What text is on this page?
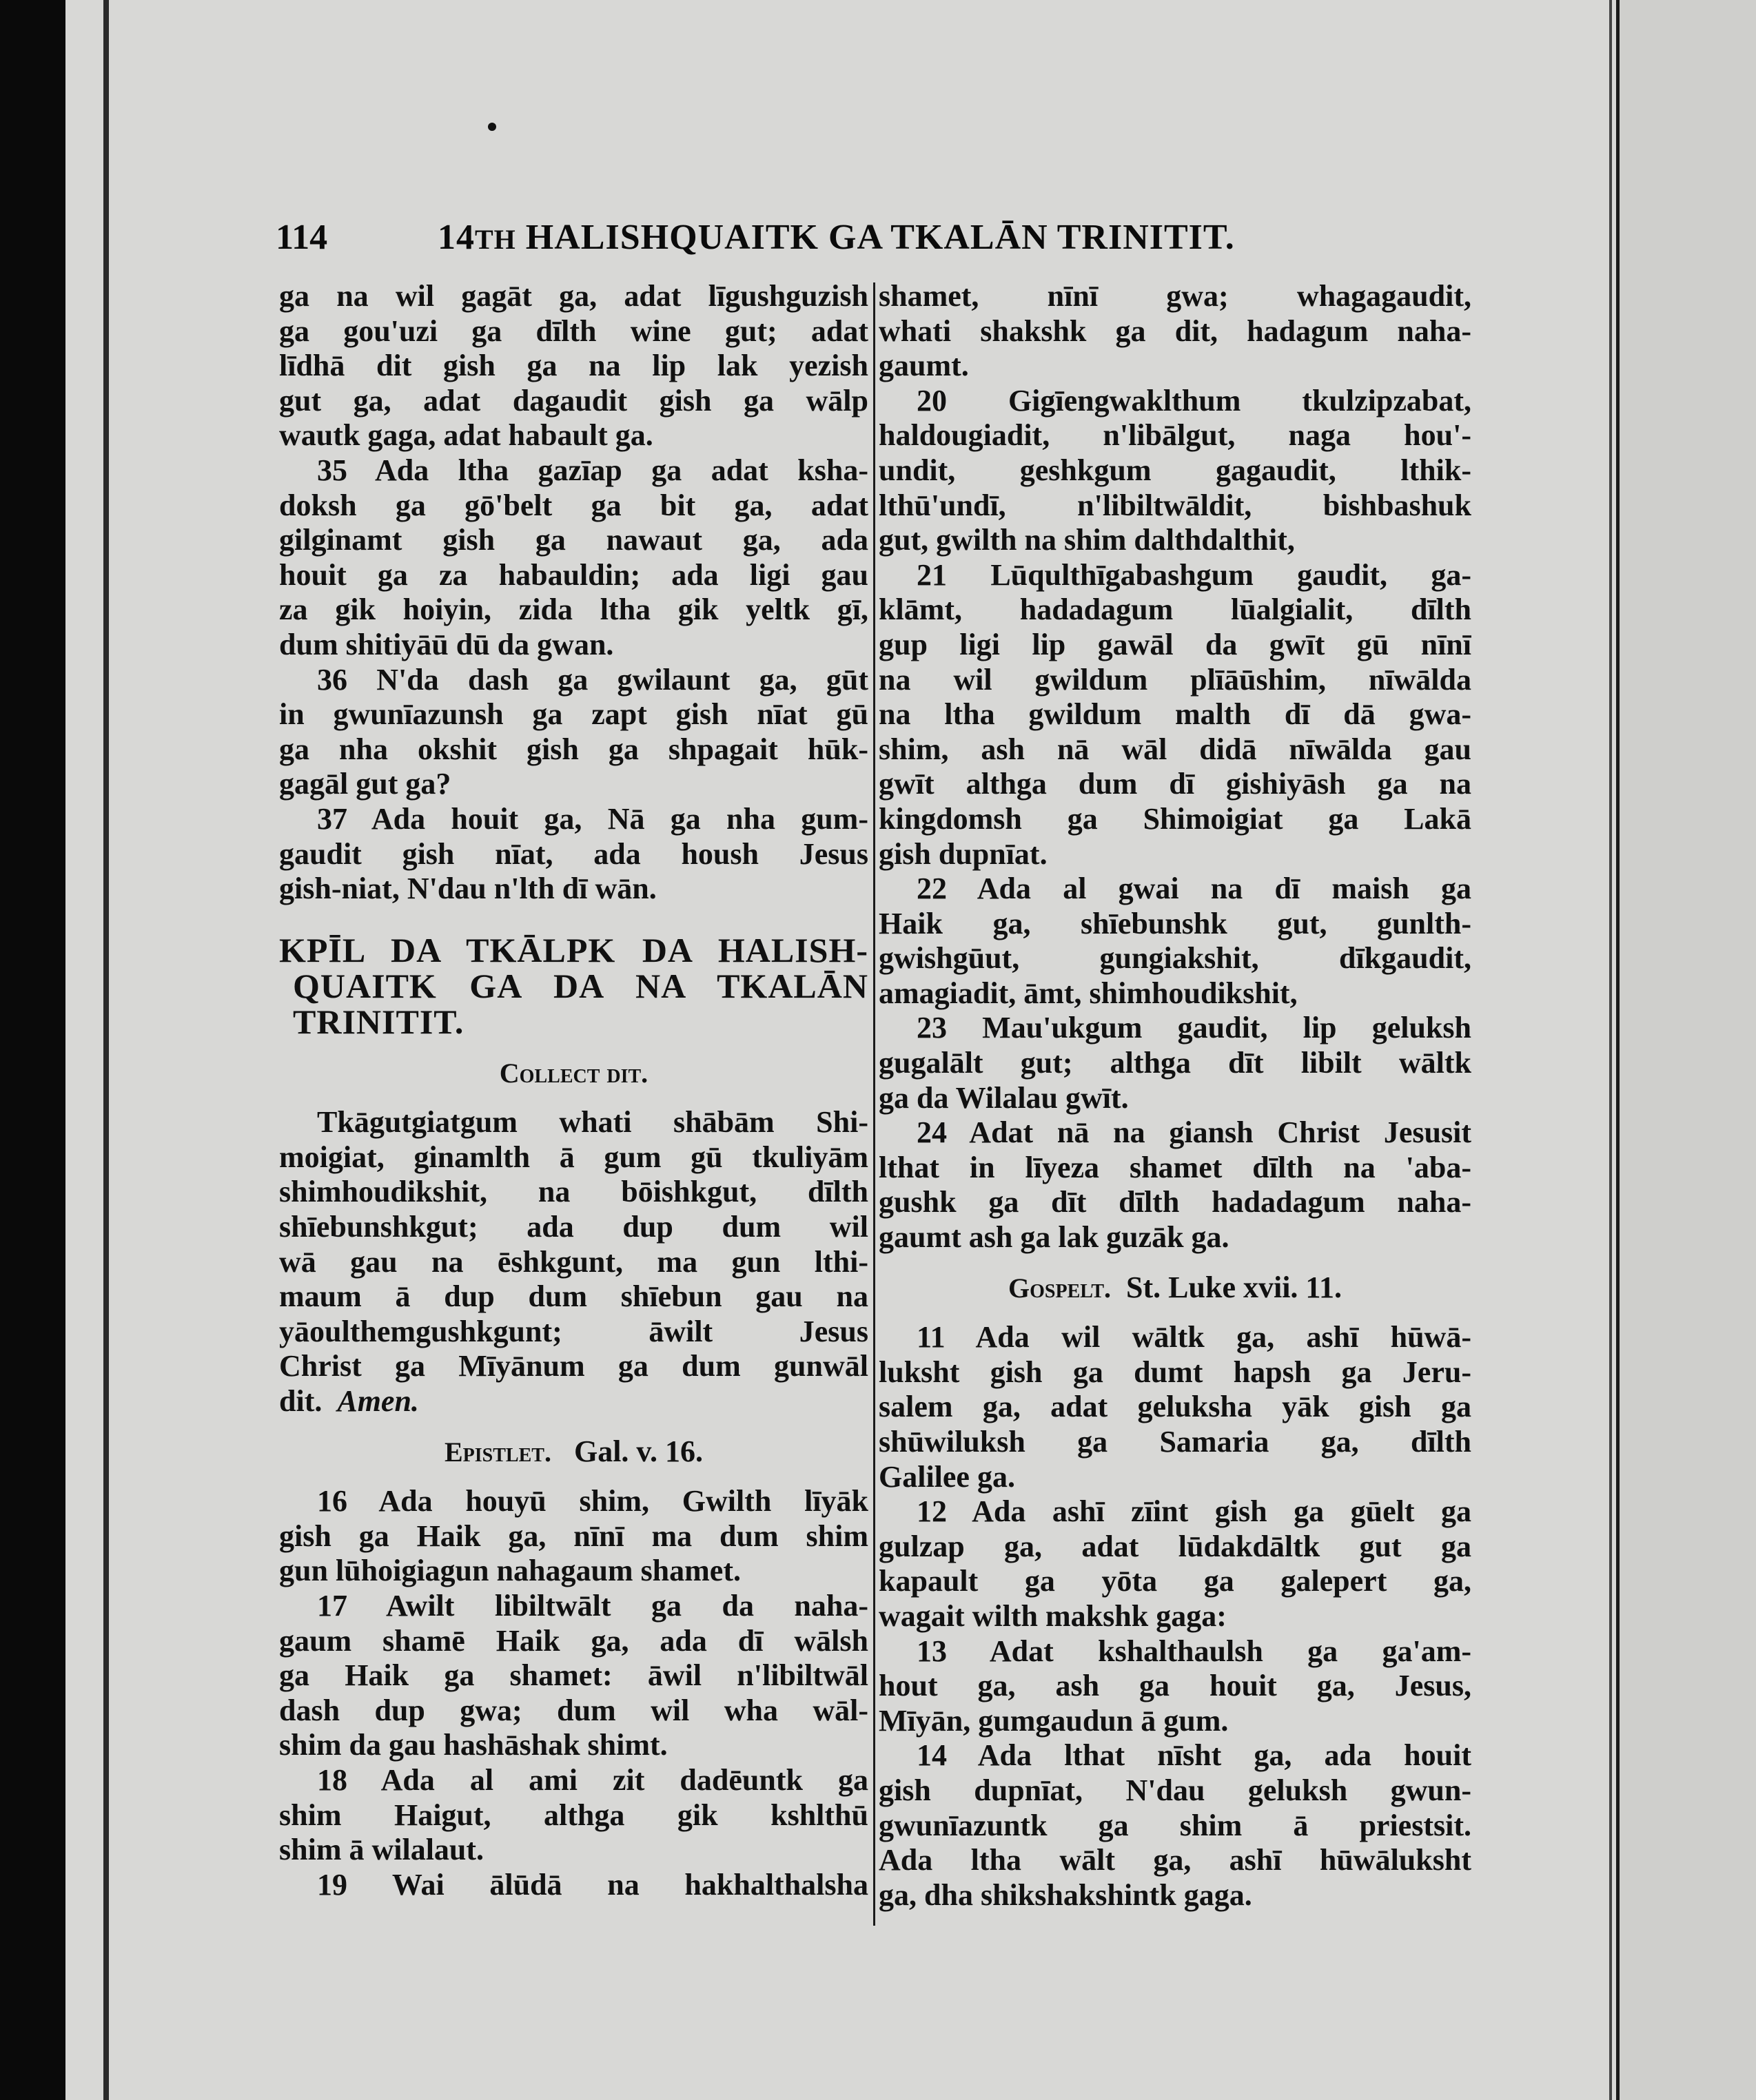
114	14TH HALISHQUAITK GA TKALĀN TRINITIT.
ga na wil gagāt ga, adat līgushguzish
ga gou'uzi ga dīlth wine gut; adat
līdhā dit gish ga na lip lak yezish
gut ga, adat dagaudit gish ga wālp
wautk gaga, adat habault ga.
35 Ada ltha gazīap ga adat ksha-
doksh ga gō'belt ga bit ga, adat
gilginamt gish ga nawaut ga, ada
houit ga za habauldin; ada ligi gau
za gik hoiyin, zida ltha gik yeltk gī,
dum shitiyāū dū da gwan.
36 N'da dash ga gwilaunt ga, gūt
in gwunīazunsh ga zapt gish nīat gū
ga nha okshit gish ga shpagait hūk-
gagāl gut ga?
37 Ada houit ga, Nā ga nha gum-
gaudit gish nīat, ada housh Jesus
gish-niat, N'dau n'lth dī wān.
KPĪL DA TKĀLPK DA HALISH-
QUAITK GA DA NA TKALĀN
TRINITIT.
Collect dit.
Tkāgutgiatgum whati shābām Shi-
moigiat, ginamlth ā gum gū tkuliyām
shimhoudikshit, na bōishkgut, dīlth
shīebunshkgut; ada dup dum wil
wā gau na ēshkgunt, ma gun lthi-
maum ā dup dum shīebun gau na
yāoulthemgushkgunt; āwilt Jesus
Christ ga Mīyānum ga dum gunwāl
dit. Amen.
Epistlet. Gal. v. 16.
16 Ada houyū shim, Gwilth līyāk
gish ga Haik ga, nīnī ma dum shim
gun lūhoigiagun nahagaum shamet.
17 Awilt libiltwālt ga da naha-
gaum shamē Haik ga, ada dī wālsh
ga Haik ga shamet: āwil n'libiltwāl
dash dup gwa; dum wil wha wāl-
shim da gau hashāshak shimt.
18 Ada al ami zit dadēuntk ga
shim Haigut, althga gik kshlthū
shim ā wilalaut.
19 Wai ālūdā na hakhalthalsha
shamet, nīnī gwa; whagagaudit,
whati shakshk ga dit, hadagum naha-
gaumt.
20 Gigīengwaklthum tkulzipzabat,
haldougiadit, n'libālgut, naga hou'-
undit, geshkgum gagaudit, lthik-
lthū'undī, n'libiltwāldit, bishbashuk
gut, gwilth na shim dalthdalthit,
21 Lūqulthīgabashgum gaudit, ga-
klāmt, hadadagum lūalgialit, dīlth
gup ligi lip gawāl da gwīt gū nīnī
na wil gwildum plīāūshim, nīwālda
na ltha gwildum malth dī dā gwa-
shim, ash nā wāl didā nīwālda gau
gwīt althga dum dī gishiyāsh ga na
kingdomsh ga Shimoigiat ga Lakā
gish dupnīat.
22 Ada al gwai na dī maish ga
Haik ga, shīebunshk gut, gunlth-
gwishgūut, gungiakshit, dīkgaudit,
amagiadit, āmt, shimhoudikshit,
23 Mau'ukgum gaudit, lip geluksh
gugalālt gut; althga dīt libilt wāltk
ga da Wilalau gwīt.
24 Adat nā na giansh Christ Jesusit
lthat in līyeza shamet dīlth na 'aba-
gushk ga dīt dīlth hadadagum naha-
gaumt ash ga lak guzāk ga.
Gospelt. St. Luke xvii. 11.
11 Ada wil wāltk ga, ashī hūwā-
luksht gish ga dumt hapsh ga Jeru-
salem ga, adat geluksha yāk gish ga
shūwiluksh ga Samaria ga, dīlth
Galilee ga.
12 Ada ashī zīint gish ga gūelt ga
gulzap ga, adat lūdakdāltk gut ga
kapault ga yōta ga galepert ga,
wagait wilth makshk gaga:
13 Adat kshalthaulsh ga ga'am-
hout ga, ash ga houit ga, Jesus,
Mīyān, gumgaudun ā gum.
14 Ada lthat nīsht ga, ada houit
gish dupnīat, N'dau geluksh gwun-
gwunīazuntk ga shim ā priestsit.
Ada ltha wālt ga, ashī hūwāluksht
ga, dha shikshakshintk gaga.
